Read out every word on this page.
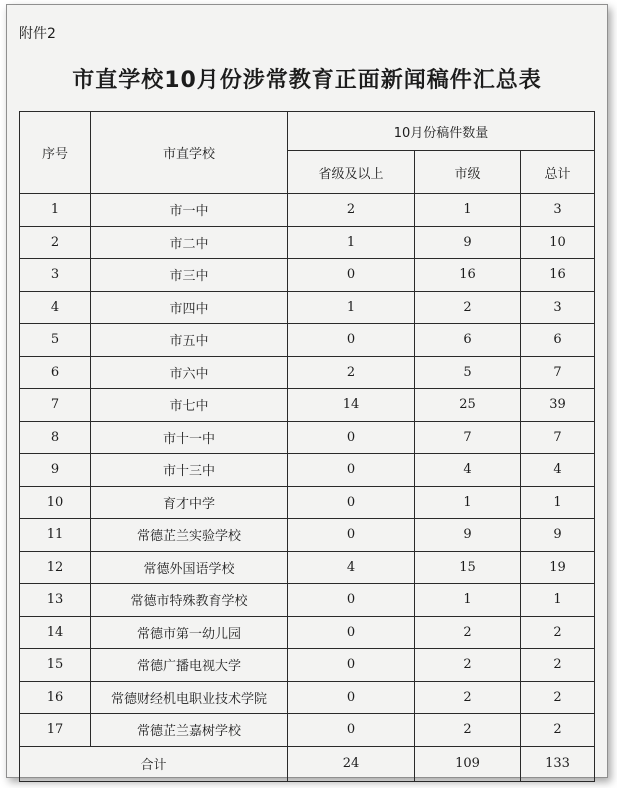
附件2
市直学校10月份涉常教育正面新闻稿件汇总表
序号	市直学校	10月份稿件数量		
		省级及以上	市级	总计
1	市一中	2	1	3
2	市二中	1	9	10
3	市三中	0	16	16
4	市四中	1	2	3
5	市五中	0	6	6
6	市六中	2	5	7
7	市七中	14	25	39
8	市十一中	0	7	7
9	市十三中	0	4	4
10	育才中学	0	1	1
11	常德芷兰实验学校	0	9	9
12	常德外国语学校	4	15	19
13	常德市特殊教育学校	0	1	1
14	常德市第一幼儿园	0	2	2
15	常德广播电视大学	0	2	2
16	常德财经机电职业技术学院	0	2	2
17	常德芷兰嘉树学校	0	2	2
合计		24	109	133
